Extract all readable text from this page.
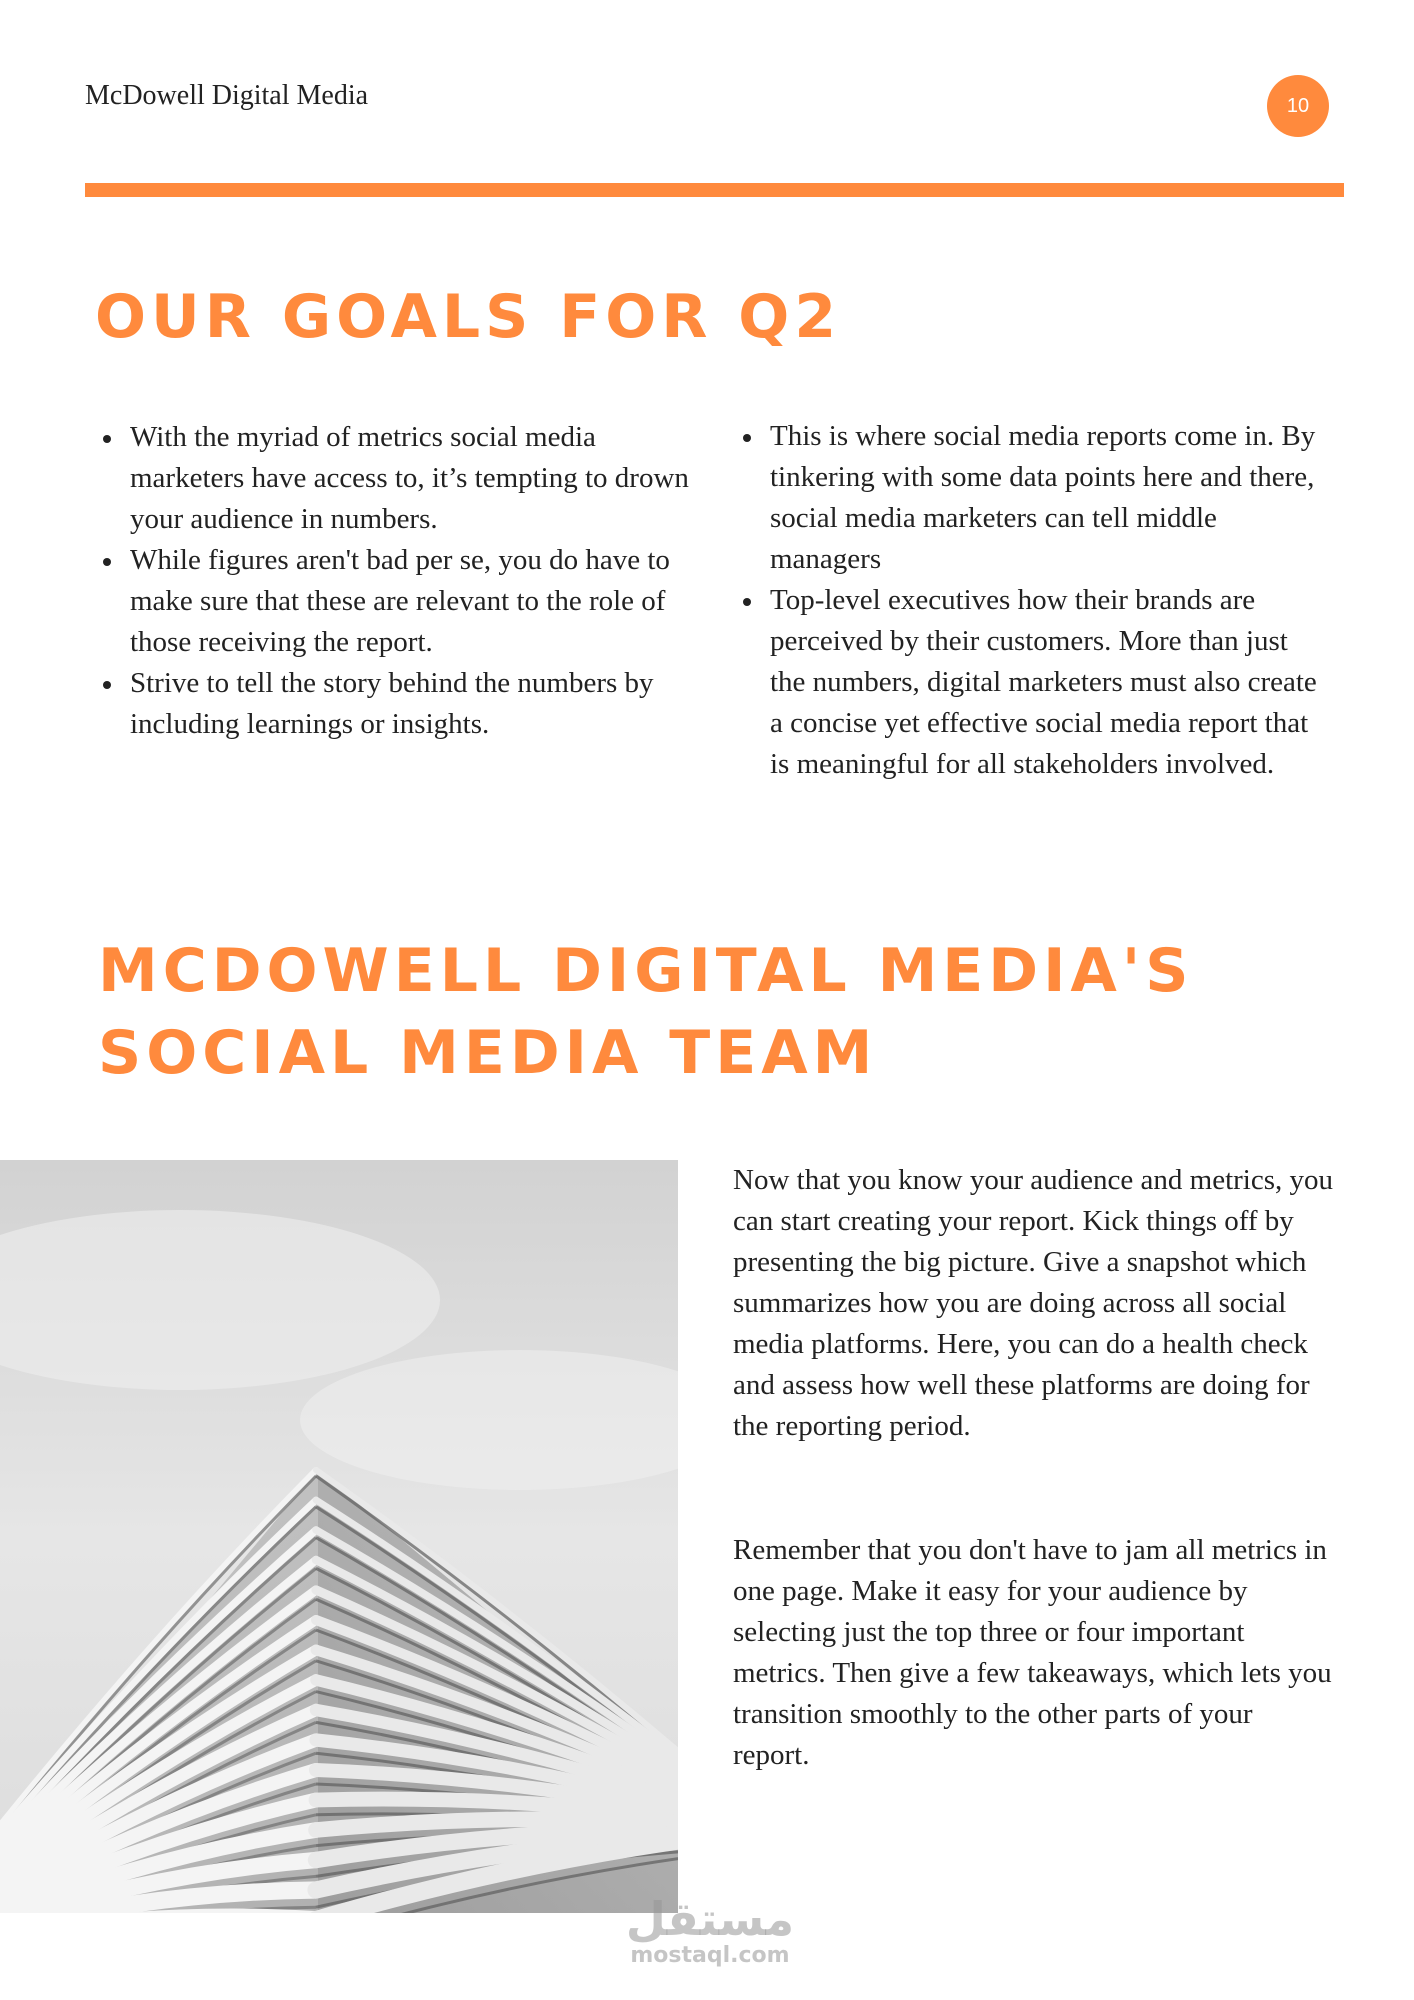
McDowell Digital Media	10
OUR GOALS FOR Q2
With the myriad of metrics social media marketers have access to, it’s tempting to drown your audience in numbers.
While figures aren't bad per se, you do have to make sure that these are relevant to the role of those receiving the report.
Strive to tell the story behind the numbers by including learnings or insights.
This is where social media reports come in. By tinkering with some data points here and there, social media marketers can tell middle managers
Top-level executives how their brands are perceived by their customers. More than just the numbers, digital marketers must also create a concise yet effective social media report that is meaningful for all stakeholders involved.
MCDOWELL DIGITAL MEDIA'S
SOCIAL MEDIA TEAM

Now that you know your audience and metrics, you can start creating your report. Kick things off by presenting the big picture. Give a snapshot which summarizes how you are doing across all social media platforms. Here, you can do a health check and assess how well these platforms are doing for the reporting period.

Remember that you don't have to jam all metrics in one page. Make it easy for your audience by selecting just the top three or four important metrics. Then give a few takeaways, which lets you transition smoothly to the other parts of your report.

مستقل
mostaql.com
